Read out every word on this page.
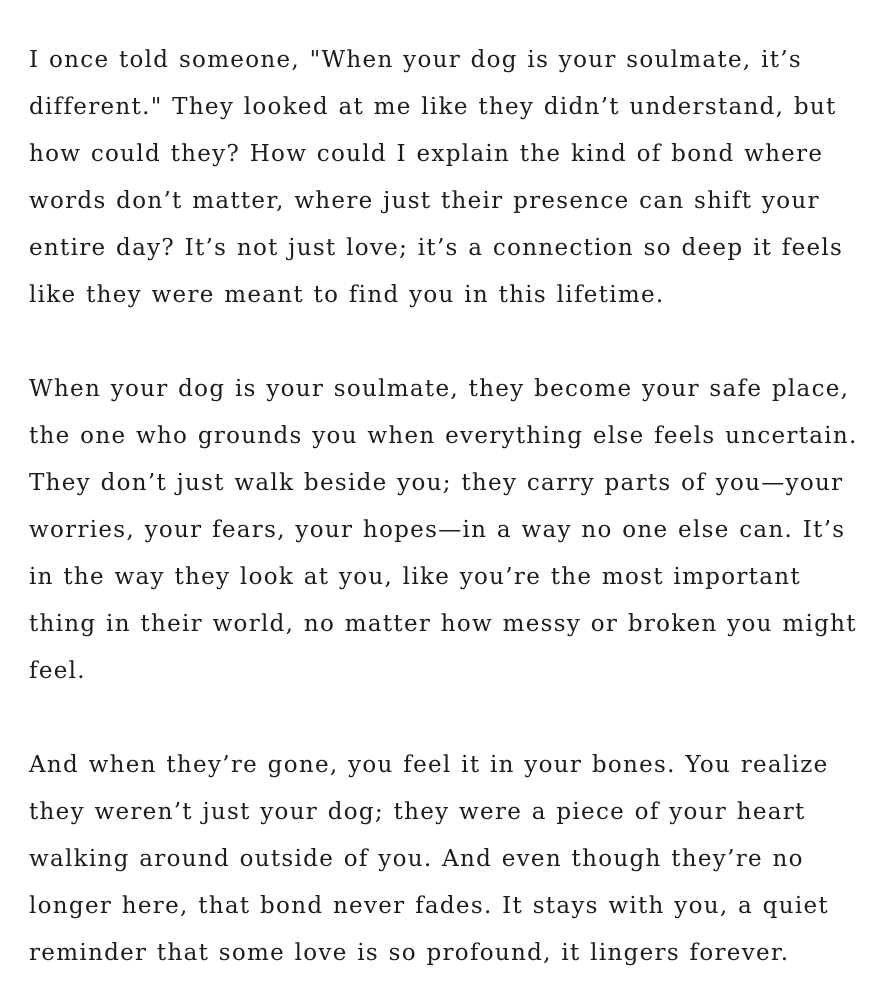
I once told someone, "When your dog is your soulmate, it’s
different." They looked at me like they didn’t understand, but
how could they? How could I explain the kind of bond where
words don’t matter, where just their presence can shift your
entire day? It’s not just love; it’s a connection so deep it feels
like they were meant to find you in this lifetime.
When your dog is your soulmate, they become your safe place,
the one who grounds you when everything else feels uncertain.
They don’t just walk beside you; they carry parts of you—your
worries, your fears, your hopes—in a way no one else can. It’s
in the way they look at you, like you’re the most important
thing in their world, no matter how messy or broken you might
feel.
And when they’re gone, you feel it in your bones. You realize
they weren’t just your dog; they were a piece of your heart
walking around outside of you. And even though they’re no
longer here, that bond never fades. It stays with you, a quiet
reminder that some love is so profound, it lingers forever.
